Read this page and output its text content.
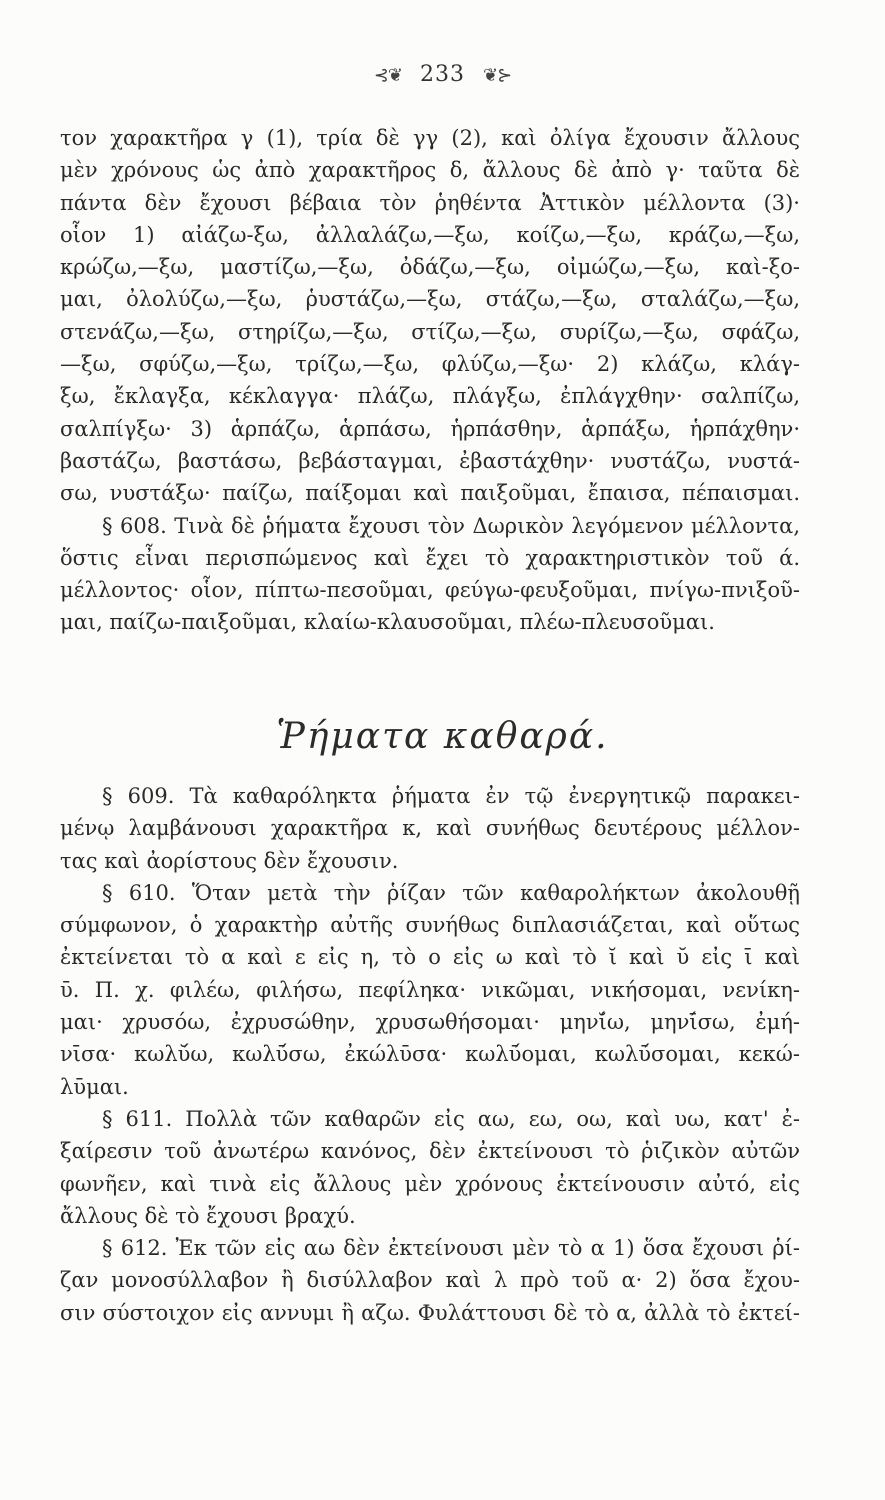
⊰❦ 233 ❦⊱
τον χαρακτῆρα γ (1), τρία δὲ γγ (2), καὶ ὀλίγα ἔχουσιν ἄλλους
μὲν χρόνους ὡς ἀπὸ χαρακτῆρος δ, ἄλλους δὲ ἀπὸ γ· ταῦτα δὲ
πάντα δὲν ἔχουσι βέβαια τὸν ῥηθέντα Ἀττικὸν μέλλοντα (3)·
οἷον 1) αἰάζω-ξω, ἀλλαλάζω,—ξω, κοίζω,—ξω, κράζω,—ξω,
κρώζω,—ξω, μαστίζω,—ξω, ὀδάζω,—ξω, οἰμώζω,—ξω, καὶ-ξο-
μαι, ὀλολύζω,—ξω, ῥυστάζω,—ξω, στάζω,—ξω, σταλάζω,—ξω,
στενάζω,—ξω, στηρίζω,—ξω, στίζω,—ξω, συρίζω,—ξω, σφάζω,
—ξω, σφύζω,—ξω, τρίζω,—ξω, φλύζω,—ξω· 2) κλάζω, κλάγ-
ξω, ἔκλαγξα, κέκλαγγα· πλάζω, πλάγξω, ἐπλάγχθην· σαλπίζω,
σαλπίγξω· 3) ἁρπάζω, ἁρπάσω, ἡρπάσθην, ἁρπάξω, ἡρπάχθην·
βαστάζω, βαστάσω, βεβάσταγμαι, ἐβαστάχθην· νυστάζω, νυστά-
σω, νυστάξω· παίζω, παίξομαι καὶ παιξοῦμαι, ἔπαισα, πέπαισμαι.
§ 608. Τινὰ δὲ ῥήματα ἔχουσι τὸν Δωρικὸν λεγόμενον μέλλοντα,
ὅστις εἶναι περισπώμενος καὶ ἔχει τὸ χαρακτηριστικὸν τοῦ ά.
μέλλοντος· οἷον, πίπτω-πεσοῦμαι, φεύγω-φευξοῦμαι, πνίγω-πνιξοῦ-
μαι, παίζω-παιξοῦμαι, κλαίω-κλαυσοῦμαι, πλέω-πλευσοῦμαι.
Ῥήματα καθαρά.
§ 609. Τὰ καθαρόληκτα ῥήματα ἐν τῷ ἐνεργητικῷ παρακει-
μένῳ λαμβάνουσι χαρακτῆρα κ, καὶ συνήθως δευτέρους μέλλον-
τας καὶ ἀορίστους δὲν ἔχουσιν.
§ 610. Ὅταν μετὰ τὴν ῥίζαν τῶν καθαρολήκτων ἀκολουθῇ
σύμφωνον, ὁ χαρακτὴρ αὐτῆς συνήθως διπλασιάζεται, καὶ οὕτως
ἐκτείνεται τὸ α καὶ ε εἰς η, τὸ ο εἰς ω καὶ τὸ ῐ καὶ ῠ εἰς ῑ καὶ
ῡ. Π. χ. φιλέω, φιλήσω, πεφίληκα· νικῶμαι, νικήσομαι, νενίκη-
μαι· χρυσόω, ἐχρυσώθην, χρυσωθήσομαι· μηνῐ́ω, μηνῑ́σω, ἐμή-
νῑσα· κωλῠ́ω, κωλῡ́σω, ἐκώλῡσα· κωλῡ́ομαι, κωλῡ́σομαι, κεκώ-
λῡμαι.
§ 611. Πολλὰ τῶν καθαρῶν εἰς αω, εω, οω, καὶ υω, κατ' ἐ-
ξαίρεσιν τοῦ ἀνωτέρω κανόνος, δὲν ἐκτείνουσι τὸ ῥιζικὸν αὐτῶν
φωνῆεν, καὶ τινὰ εἰς ἄλλους μὲν χρόνους ἐκτείνουσιν αὐτό, εἰς
ἄλλους δὲ τὸ ἔχουσι βραχύ.
§ 612. Ἐκ τῶν εἰς αω δὲν ἐκτείνουσι μὲν τὸ α 1) ὅσα ἔχουσι ῥί-
ζαν μονοσύλλαβον ἢ δισύλλαβον καὶ λ πρὸ τοῦ α· 2) ὅσα ἔχου-
σιν σύστοιχον εἰς αννυμι ἢ αζω. Φυλάττουσι δὲ τὸ α, ἀλλὰ τὸ ἐκτεί-
